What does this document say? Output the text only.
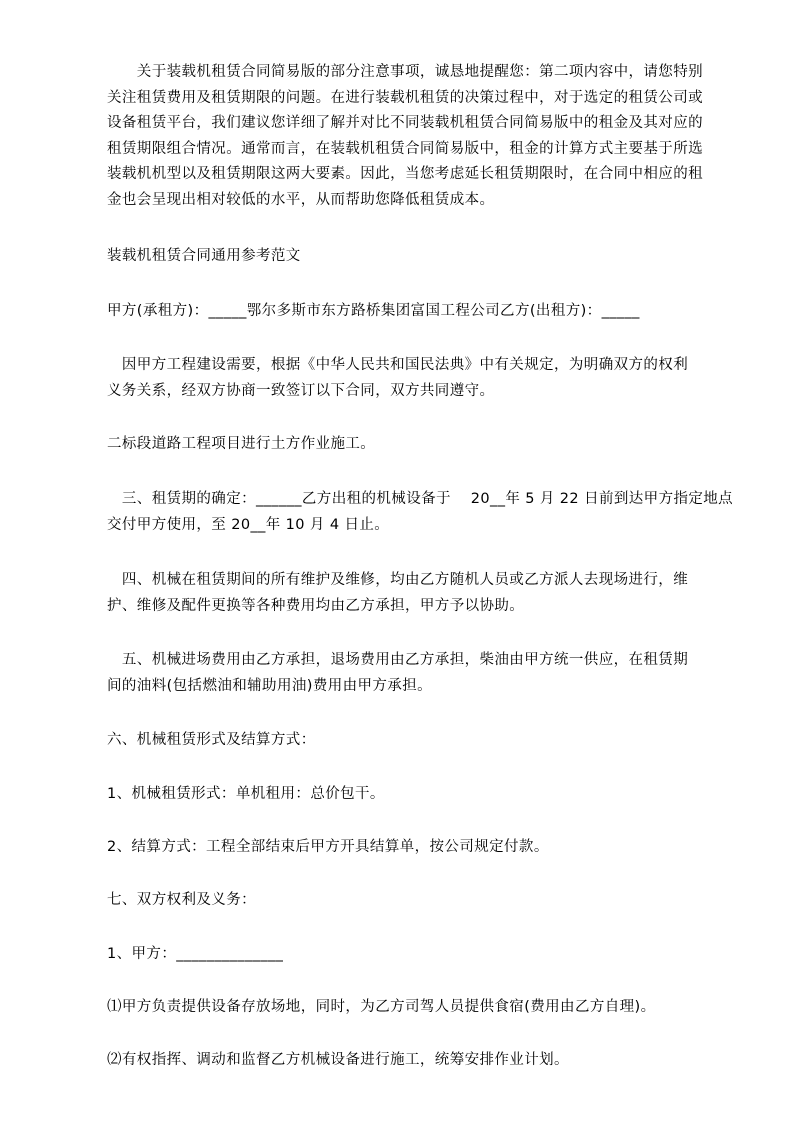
　　关于装载机租赁合同简易版的部分注意事项，诚恳地提醒您：第二项内容中，请您特别
关注租赁费用及租赁期限的问题。在进行装载机租赁的决策过程中，对于选定的租赁公司或
设备租赁平台，我们建议您详细了解并对比不同装载机租赁合同简易版中的租金及其对应的
租赁期限组合情况。通常而言，在装载机租赁合同简易版中，租金的计算方式主要基于所选
装载机机型以及租赁期限这两大要素。因此，当您考虑延长租赁期限时，在合同中相应的租
金也会呈现出相对较低的水平，从而帮助您降低租赁成本。
装载机租赁合同通用参考范文
甲方(承租方)：_____鄂尔多斯市东方路桥集团富国工程公司乙方(出租方)：_____
　因甲方工程建设需要，根据《中华人民共和国民法典》中有关规定，为明确双方的权利
义务关系，经双方协商一致签订以下合同，双方共同遵守。
二标段道路工程项目进行土方作业施工。
　三、租赁期的确定：______乙方出租的机械设备于　 20__年 5 月 22 日前到达甲方指定地点
交付甲方使用，至 20__年 10 月 4 日止。
　四、机械在租赁期间的所有维护及维修，均由乙方随机人员或乙方派人去现场进行，维
护、维修及配件更换等各种费用均由乙方承担，甲方予以协助。
　五、机械进场费用由乙方承担，退场费用由乙方承担，柴油由甲方统一供应，在租赁期
间的油料(包括燃油和辅助用油)费用由甲方承担。
六、机械租赁形式及结算方式：
1、机械租赁形式：单机租用：总价包干。
2、结算方式：工程全部结束后甲方开具结算单，按公司规定付款。
七、双方权利及义务：
1、甲方：______________
⑴甲方负责提供设备存放场地，同时，为乙方司驾人员提供食宿(费用由乙方自理)。
⑵有权指挥、调动和监督乙方机械设备进行施工，统筹安排作业计划。
